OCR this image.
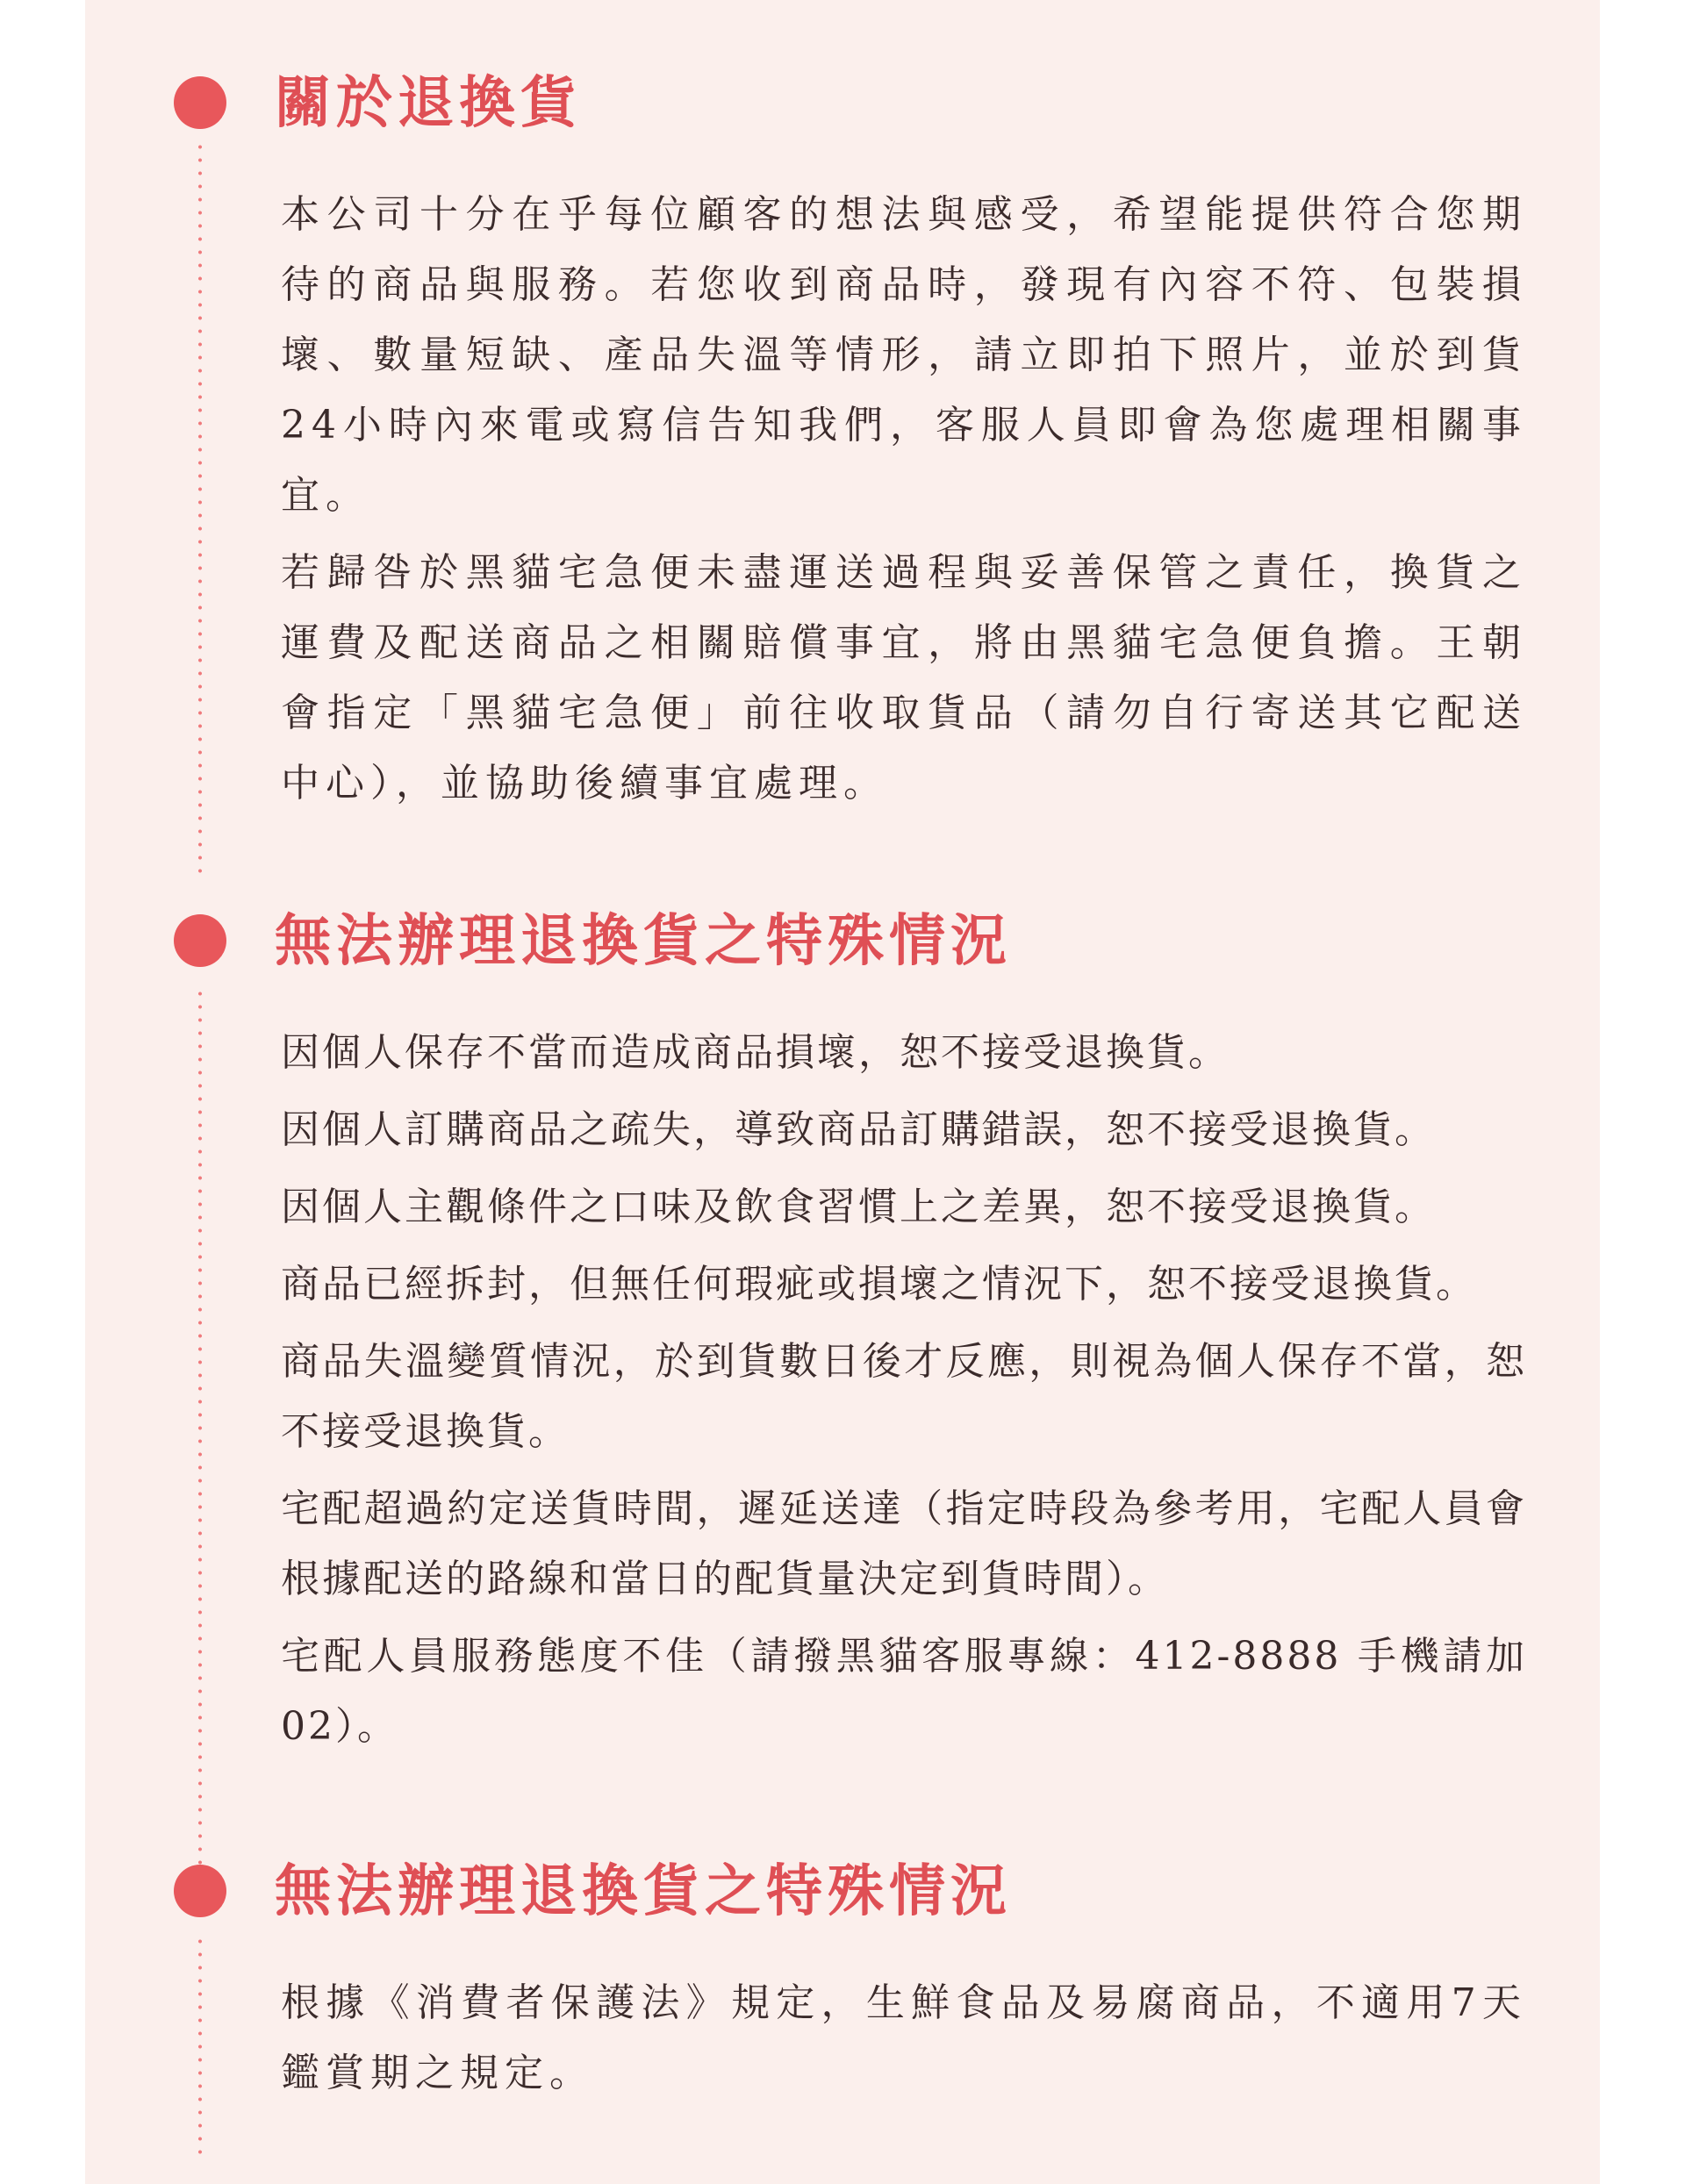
關於退換貨

本公司十分在乎每位顧客的想法與感受，希望能提供符合您期待的商品與服務。若您收到商品時，發現有內容不符、包裝損壞、數量短缺、產品失溫等情形，請立即拍下照片，並於到貨24小時內來電或寫信告知我們，客服人員即會為您處理相關事宜。

若歸咎於黑貓宅急便未盡運送過程與妥善保管之責任，換貨之運費及配送商品之相關賠償事宜，將由黑貓宅急便負擔。王朝會指定「黑貓宅急便」前往收取貨品（請勿自行寄送其它配送中心），並協助後續事宜處理。

無法辦理退換貨之特殊情況

因個人保存不當而造成商品損壞，恕不接受退換貨。

因個人訂購商品之疏失，導致商品訂購錯誤，恕不接受退換貨。

因個人主觀條件之口味及飲食習慣上之差異，恕不接受退換貨。

商品已經拆封，但無任何瑕疵或損壞之情況下，恕不接受退換貨。

商品失溫變質情況，於到貨數日後才反應，則視為個人保存不當，恕不接受退換貨。

宅配超過約定送貨時間，遲延送達（指定時段為參考用，宅配人員會根據配送的路線和當日的配貨量決定到貨時間）。

宅配人員服務態度不佳（請撥黑貓客服專線：412-8888 手機請加02）。

無法辦理退換貨之特殊情況

根據《消費者保護法》規定，生鮮食品及易腐商品，不適用7天鑑賞期之規定。
